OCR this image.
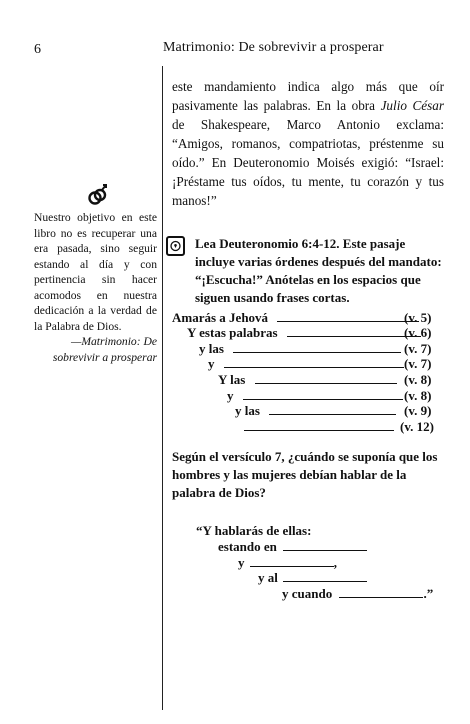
6	Matrimonio: De sobrevivir a prosperar

este mandamiento indica algo más que oír pasivamente las palabras. En la obra Julio César de Shakespeare, Marco Antonio exclama: “Amigos, romanos, compatriotas, préstenme su oído.” En Deuteronomio Moisés exigió: “Israel: ¡Préstame tus oídos, tu mente, tu corazón y tus manos!”

Nuestro objetivo en este libro no es recuperar una era pasada, sino seguir estando al día y con pertinencia sin hacer acomodos en nuestra dedicación a la verdad de la Palabra de Dios.
—Matrimonio: De sobrevivir a prosperar
Lea Deuteronomio 6:4-12. Este pasaje incluye varias órdenes después del mandato: “¡Escucha!” Anótelas en los espacios que siguen usando frases cortas.
Amarás a Jehová	(v. 5)
Y estas palabras	(v. 6)
y las	(v. 7)
y	(v. 7)
Y las	(v. 8)
y	(v. 8)
y las	(v. 9)
(v. 12)
Según el versículo 7, ¿cuándo se suponía que los hombres y las mujeres debían hablar de la palabra de Dios?
“Y hablarás de ellas:
estando en
y	,
y al
y cuando	.”
